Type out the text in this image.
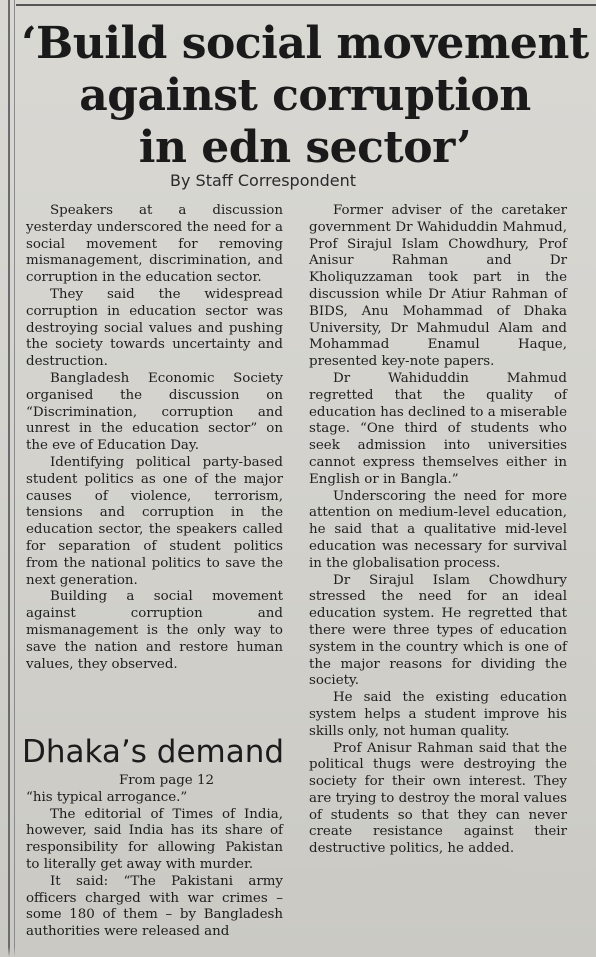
‘Build social movement
against corruption
in edn sector’

By Staff Correspondent

Speakers at a discussion yesterday underscored the need for a social movement for removing mismanagement, discrimination, and corruption in the education sector.

They said the widespread corruption in education sector was destroying social values and pushing the society towards uncertainty and destruction.

Bangladesh Economic Society organised the discussion on “Discrimination, corruption and unrest in the education sector” on the eve of Education Day.

Identifying political party-based student politics as one of the major causes of violence, terrorism, tensions and corruption in the education sector, the speakers called for separation of student politics from the national politics to save the next generation.

Building a social movement against corruption and mismanagement is the only way to save the nation and restore human values, they observed.

Former adviser of the caretaker government Dr Wahiduddin Mahmud, Prof Sirajul Islam Chowdhury, Prof Anisur Rahman and Dr Kholiquzzaman took part in the discussion while Dr Atiur Rahman of BIDS, Anu Mohammad of Dhaka University, Dr Mahmudul Alam and Mohammad Enamul Haque, presented key-note papers.

Dr Wahiduddin Mahmud regretted that the quality of education has declined to a miserable stage. “One third of students who seek admission into universities cannot express themselves either in English or in Bangla.”

Underscoring the need for more attention on medium-level education, he said that a qualitative mid-level education was necessary for survival in the globalisation process.

Dr Sirajul Islam Chowdhury stressed the need for an ideal education system. He regretted that there were three types of education system in the country which is one of the major reasons for dividing the society.

He said the existing education system helps a student improve his skills only, not human quality.

Prof Anisur Rahman said that the political thugs were destroying the society for their own interest. They are trying to destroy the moral values of students so that they can never create resistance against their destructive politics, he added.

Dhaka’s demand

From page 12

“his typical arrogance.”

The editorial of Times of India, however, said India has its share of responsibility for allowing Pakistan to literally get away with murder.

It said: “The Pakistani army officers charged with war crimes – some 180 of them – by Bangladesh authorities were released and
